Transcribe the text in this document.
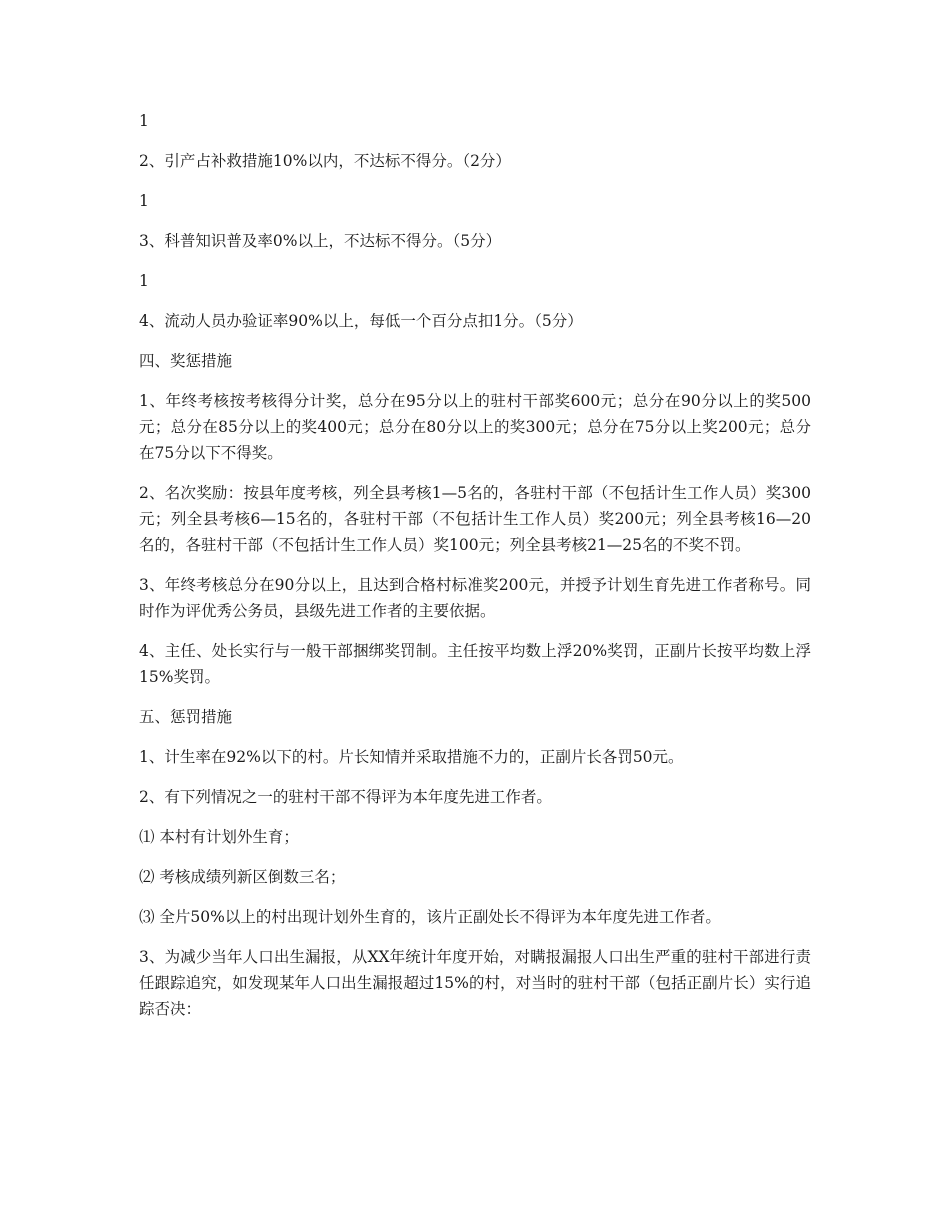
1

2、引产占补救措施10%以内，不达标不得分。（2分）

1

3、科普知识普及率0%以上，不达标不得分。（5分）

1

4、流动人员办验证率90%以上，每低一个百分点扣1分。（5分）

四、奖惩措施

1、年终考核按考核得分计奖，总分在95分以上的驻村干部奖600元；总分在90分以上的奖500元；总分在85分以上的奖400元；总分在80分以上的奖300元；总分在75分以上奖200元；总分在75分以下不得奖。

2、名次奖励：按县年度考核，列全县考核1—5名的，各驻村干部（不包括计生工作人员）奖300元；列全县考核6—15名的，各驻村干部（不包括计生工作人员）奖200元；列全县考核16—20名的，各驻村干部（不包括计生工作人员）奖100元；列全县考核21—25名的不奖不罚。

3、年终考核总分在90分以上，且达到合格村标准奖200元，并授予计划生育先进工作者称号。同时作为评优秀公务员，县级先进工作者的主要依据。

4、主任、处长实行与一般干部捆绑奖罚制。主任按平均数上浮20%奖罚，正副片长按平均数上浮15%奖罚。

五、惩罚措施

1、计生率在92%以下的村。片长知情并采取措施不力的，正副片长各罚50元。

2、有下列情况之一的驻村干部不得评为本年度先进工作者。

⑴ 本村有计划外生育；

⑵ 考核成绩列新区倒数三名；

⑶ 全片50%以上的村出现计划外生育的，该片正副处长不得评为本年度先进工作者。

3、为减少当年人口出生漏报，从XX年统计年度开始，对瞒报漏报人口出生严重的驻村干部进行责任跟踪追究，如发现某年人口出生漏报超过15%的村，对当时的驻村干部（包括正副片长）实行追踪否决：
